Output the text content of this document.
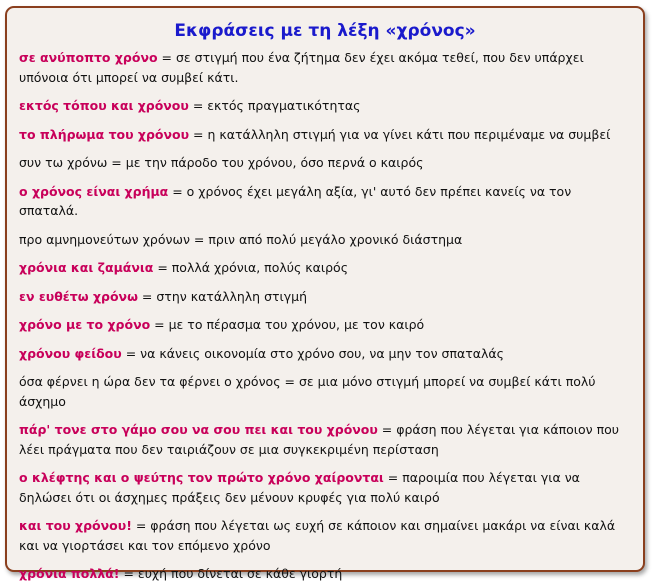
Εκφράσεις με τη λέξη «χρόνος»
σε ανύποπτο χρόνο = σε στιγμή που ένα ζήτημα δεν έχει ακόμα τεθεί, που δεν υπάρχει υπόνοια ότι μπορεί να συμβεί κάτι.
εκτός τόπου και χρόνου = εκτός πραγματικότητας
το πλήρωμα του χρόνου = η κατάλληλη στιγμή για να γίνει κάτι που περιμέναμε να συμβεί
συν τω χρόνω = με την πάροδο του χρόνου, όσο περνά ο καιρός
ο χρόνος είναι χρήμα = ο χρόνος έχει μεγάλη αξία, γι' αυτό δεν πρέπει κανείς να τον σπαταλά.
προ αμνημονεύτων χρόνων = πριν από πολύ μεγάλο χρονικό διάστημα
χρόνια και ζαμάνια = πολλά χρόνια, πολύς καιρός
εν ευθέτω χρόνω = στην κατάλληλη στιγμή
χρόνο με το χρόνο = με το πέρασμα του χρόνου, με τον καιρό
χρόνου φείδου = να κάνεις οικονομία στο χρόνο σου, να μην τον σπαταλάς
όσα φέρνει η ώρα δεν τα φέρνει ο χρόνος = σε μια μόνο στιγμή μπορεί να συμβεί κάτι πολύ άσχημο
πάρ' τονε στο γάμο σου να σου πει και του χρόνου = φράση που λέγεται για κάποιον που λέει πράγματα που δεν ταιριάζουν σε μια συγκεκριμένη περίσταση
ο κλέφτης και ο ψεύτης τον πρώτο χρόνο χαίρονται = παροιμία που λέγεται για να δηλώσει ότι οι άσχημες πράξεις δεν μένουν κρυφές για πολύ καιρό
και του χρόνου! = φράση που λέγεται ως ευχή σε κάποιον και σημαίνει μακάρι να είναι καλά και να γιορτάσει και τον επόμενο χρόνο
χρόνια πολλά! = ευχή που δίνεται σε κάθε γιορτή
